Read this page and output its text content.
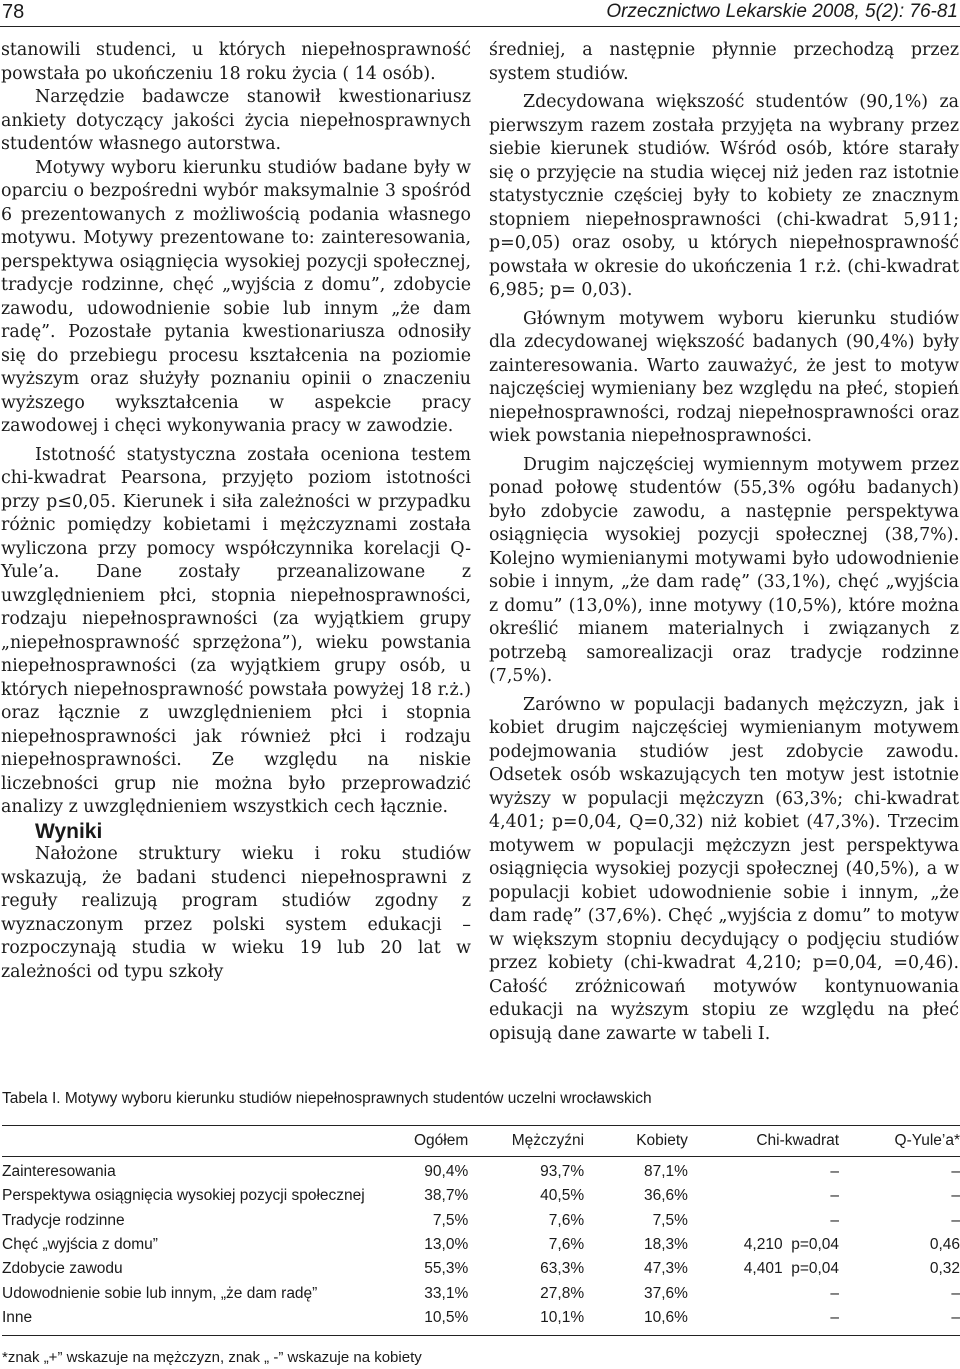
78	Orzecznictwo Lekarskie 2008, 5(2): 76-81

stanowili studenci, u których niepełnosprawność powstała po ukończeniu 18 roku życia ( 14 osób).

Narzędzie badawcze stanowił kwestionariusz ankiety dotyczący jakości życia niepełnosprawnych studentów własnego autorstwa.

Motywy wyboru kierunku studiów badane były w oparciu o bezpośredni wybór maksymalnie 3 spośród 6 prezentowanych z możliwością podania własnego motywu. Motywy prezentowane to: zainteresowania, perspektywa osiągnięcia wysokiej pozycji społecznej, tradycje rodzinne, chęć „wyjścia z domu”, zdobycie zawodu, udowodnienie sobie lub innym „że dam radę”. Pozostałe pytania kwestionariusza odnosiły się do przebiegu procesu kształcenia na poziomie wyższym oraz służyły poznaniu opinii o znaczeniu wyższego wykształcenia w aspekcie pracy zawodowej i chęci wykonywania pracy w zawodzie.

Istotność statystyczna została oceniona testem chi-kwadrat Pearsona, przyjęto poziom istotności przy p≤0,05. Kierunek i siła zależności w przypadku różnic pomiędzy kobietami i mężczyznami została wyliczona przy pomocy współczynnika korelacji Q-Yule’a. Dane zostały przeanalizowane z uwzględnieniem płci, stopnia niepełnosprawności, rodzaju niepełnosprawności (za wyjątkiem grupy „niepełnosprawność sprzężona”), wieku powstania niepełnosprawności (za wyjątkiem grupy osób, u których niepełnosprawność powstała powyżej 18 r.ż.) oraz łącznie z uwzględnieniem płci i stopnia niepełnosprawności jak również płci i rodzaju niepełnosprawności. Ze względu na niskie liczebności grup nie można było przeprowadzić analizy z uwzględnieniem wszystkich cech łącznie.

Wyniki

Nałożone struktury wieku i roku studiów wskazują, że badani studenci niepełnosprawni z reguły realizują program studiów zgodny z wyznaczonym przez polski system edukacji – rozpoczynają studia w wieku 19 lub 20 lat w zależności od typu szkoły

średniej, a następnie płynnie przechodzą przez system studiów.

Zdecydowana większość studentów (90,1%) za pierwszym razem została przyjęta na wybrany przez siebie kierunek studiów. Wśród osób, które starały się o przyjęcie na studia więcej niż jeden raz istotnie statystycznie częściej były to kobiety ze znacznym stopniem niepełnosprawności (chi-kwadrat 5,911; p=0,05) oraz osoby, u których niepełnosprawność powstała w okresie do ukończenia 1 r.ż. (chi-kwadrat 6,985; p= 0,03).

Głównym motywem wyboru kierunku studiów dla zdecydowanej większość badanych (90,4%) były zainteresowania. Warto zauważyć, że jest to motyw najczęściej wymieniany bez względu na płeć, stopień niepełnosprawności, rodzaj niepełnosprawności oraz wiek powstania niepełnosprawności.

Drugim najczęściej wymiennym motywem przez ponad połowę studentów (55,3% ogółu badanych) było zdobycie zawodu, a następnie perspektywa osiągnięcia wysokiej pozycji społecznej (38,7%). Kolejno wymienianymi motywami było udowodnienie sobie i innym, „że dam radę” (33,1%), chęć „wyjścia z domu” (13,0%), inne motywy (10,5%), które można określić mianem materialnych i związanych z potrzebą samorealizacji oraz tradycje rodzinne (7,5%).

Zarówno w populacji badanych mężczyzn, jak i kobiet drugim najczęściej wymienianym motywem podejmowania studiów jest zdobycie zawodu. Odsetek osób wskazujących ten motyw jest istotnie wyższy w populacji mężczyzn (63,3%; chi-kwadrat 4,401; p=0,04, Q=0,32) niż kobiet (47,3%). Trzecim motywem w populacji mężczyzn jest perspektywa osiągnięcia wysokiej pozycji społecznej (40,5%), a w populacji kobiet udowodnienie sobie i innym, „że dam radę” (37,6%). Chęć „wyjścia z domu” to motyw w większym stopniu decydujący o podjęciu studiów przez kobiety (chi-kwadrat 4,210; p=0,04, =0,46). Całość zróżnicowań motywów kontynuowania edukacji na wyższym stopiu ze względu na płeć opisują dane zawarte w tabeli I.

Tabela I. Motywy wyboru kierunku studiów niepełnosprawnych studentów uczelni wrocławskich
	Ogółem	Mężczyźni	Kobiety	Chi-kwadrat	Q-Yule’a*
Zainteresowania	90,4%	93,7%	87,1%	–	–
Perspektywa osiągnięcia wysokiej pozycji społecznej	38,7%	40,5%	36,6%	–	–
Tradycje rodzinne	7,5%	7,6%	7,5%	–	–
Chęć „wyjścia z domu”	13,0%	7,6%	18,3%	4,210  p=0,04	0,46
Zdobycie zawodu	55,3%	63,3%	47,3%	4,401  p=0,04	0,32
Udowodnienie sobie lub innym, „że dam radę”	33,1%	27,8%	37,6%	–	–
Inne	10,5%	10,1%	10,6%	–	–
*znak „+” wskazuje na mężczyzn, znak „ -” wskazuje na kobiety
